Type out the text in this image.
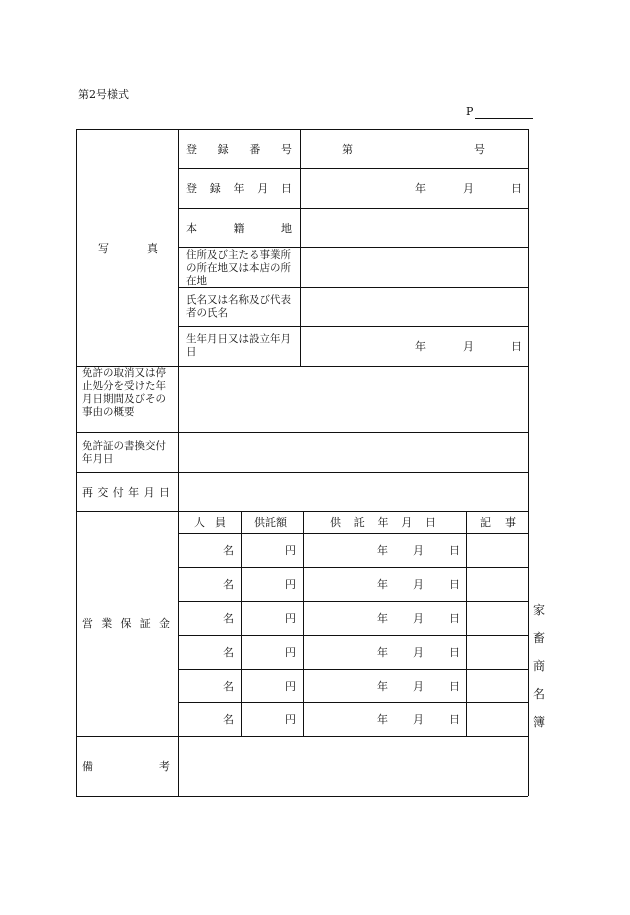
第2号様式
P
写	真
登 録 番 号	第	号
登 録 年 月 日	年	月	日
本	籍	地
住所及び主たる事業所の所在地又は本店の所在地
氏名又は名称及び代表者の氏名
生年月日又は設立年月日	年	月	日
免許の取消又は停止処分を受けた年月日期間及びその事由の概要
免許証の書換交付年月日
再 交 付 年 月 日
営 業 保 証 金
人 員	供託額	供 託 年 月 日	記 事
名	円	年 月 日
名	円	年 月 日
名	円	年 月 日
名	円	年 月 日
名	円	年 月 日
名	円	年 月 日
備	考
家
畜
商
名
簿
